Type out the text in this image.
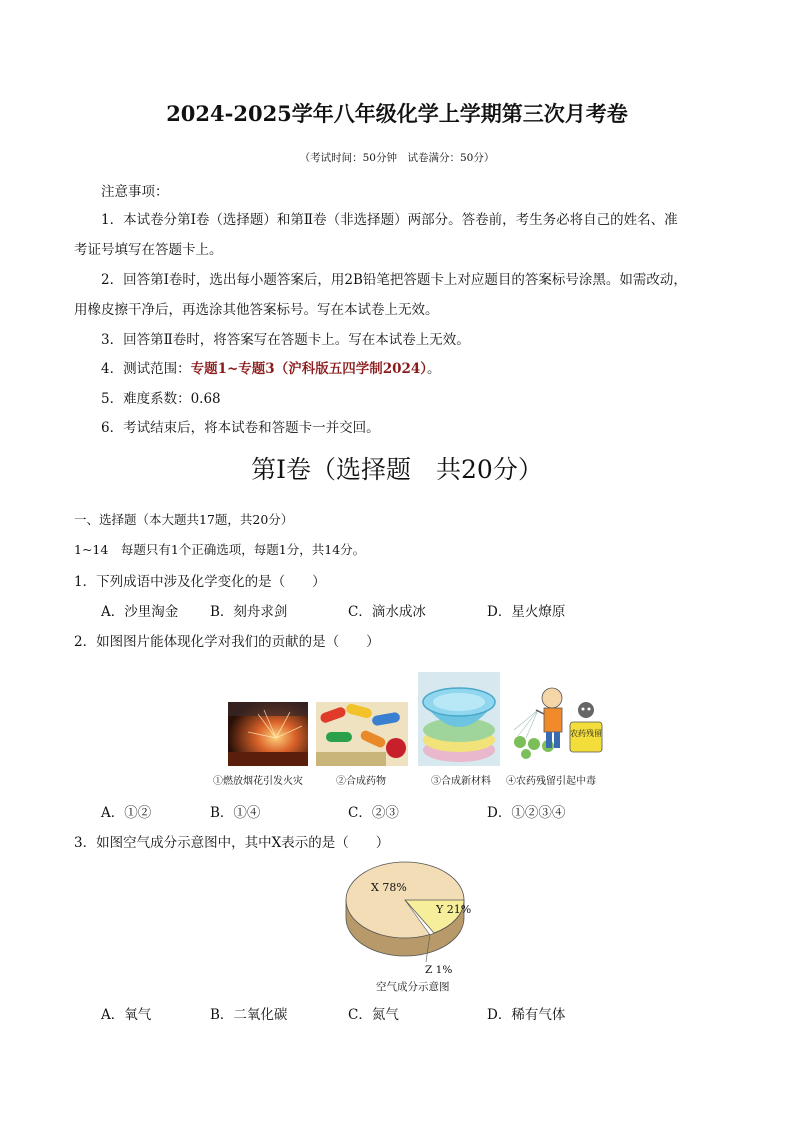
2024-2025学年八年级化学上学期第三次月考卷
（考试时间：50分钟　试卷满分：50分）
注意事项：
1．本试卷分第Ⅰ卷（选择题）和第Ⅱ卷（非选择题）两部分。答卷前，考生务必将自己的姓名、准
考证号填写在答题卡上。
2．回答第Ⅰ卷时，选出每小题答案后，用2B铅笔把答题卡上对应题目的答案标号涂黑。如需改动，
用橡皮擦干净后，再选涂其他答案标号。写在本试卷上无效。
3．回答第Ⅱ卷时，将答案写在答题卡上。写在本试卷上无效。
4．测试范围：专题1~专题3（沪科版五四学制2024）。
5．难度系数：0.68
6．考试结束后，将本试卷和答题卡一并交回。
第Ⅰ卷（选择题　共20分）
一、选择题（本大题共17题，共20分）
1~14　每题只有1个正确选项，每题1分，共14分。
1．下列成语中涉及化学变化的是（　　）
A．沙里淘金 B．刻舟求剑	C．滴水成冰	D．星火燎原
2．如图图片能体现化学对我们的贡献的是（　　）
农药残留
①燃放烟花引发火灾	②合成药物	③合成新材料 ④农药残留引起中毒
A．①②	B．①④	C．②③	D．①②③④
3．如图空气成分示意图中，其中X表示的是（　　）
X 78%
Y 21%
Z 1%
空气成分示意图
A．氧气	B．二氧化碳	C．氮气	D．稀有气体
